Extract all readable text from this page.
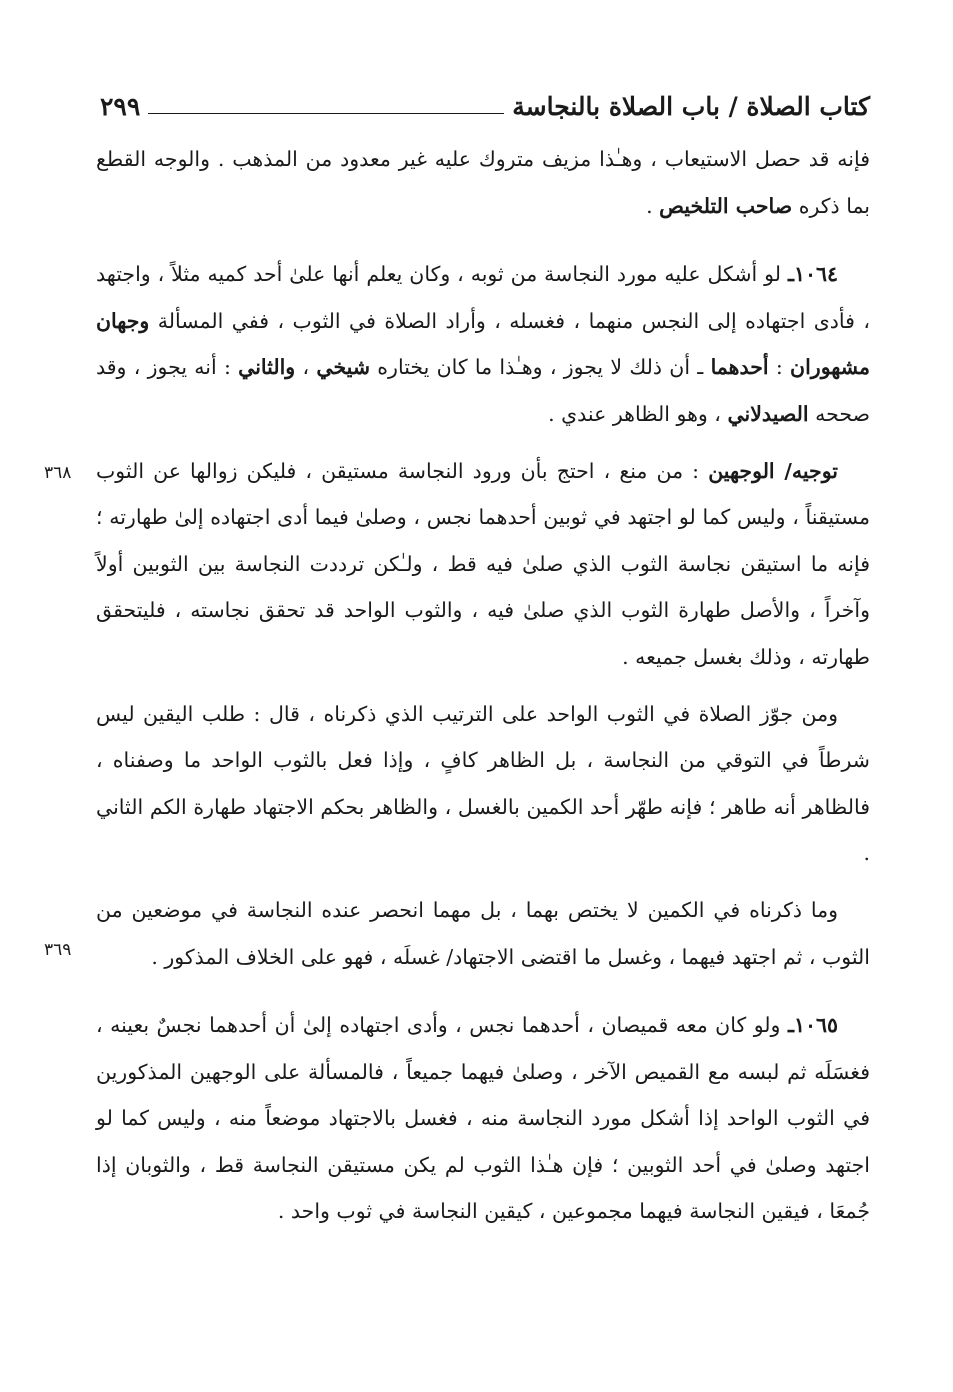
كتاب الصلاة / باب الصلاة بالنجاسة
٢٩٩

فإنه قد حصل الاستيعاب ، وهـٰذا مزيف متروك عليه غير معدود من المذهب . والوجه القطع بما ذكره صاحب التلخيص .

١٠٦٤ـ لو أشكل عليه مورد النجاسة من ثوبه ، وكان يعلم أنها علىٰ أحد كميه مثلاً ، واجتهد ، فأدى اجتهاده إلى النجس منهما ، فغسله ، وأراد الصلاة في الثوب ، ففي المسألة وجهان مشهوران : أحدهما ـ أن ذلك لا يجوز ، وهـٰذا ما كان يختاره شيخي ، والثاني : أنه يجوز ، وقد صححه الصيدلاني ، وهو الظاهر عندي .

توجيه/ الوجهين : من منع ، احتج بأن ورود النجاسة مستيقن ، فليكن زوالها عن الثوب مستيقناً ، وليس كما لو اجتهد في ثوبين أحدهما نجس ، وصلىٰ فيما أدى اجتهاده إلىٰ طهارته ؛ فإنه ما استيقن نجاسة الثوب الذي صلىٰ فيه قط ، ولـٰكن ترددت النجاسة بين الثوبين أولاً وآخراً ، والأصل طهارة الثوب الذي صلىٰ فيه ، والثوب الواحد قد تحقق نجاسته ، فليتحقق طهارته ، وذلك بغسل جميعه .

ومن جوّز الصلاة في الثوب الواحد على الترتيب الذي ذكرناه ، قال : طلب اليقين ليس شرطاً في التوقي من النجاسة ، بل الظاهر كافٍ ، وإذا فعل بالثوب الواحد ما وصفناه ، فالظاهر أنه طاهر ؛ فإنه طهّر أحد الكمين بالغسل ، والظاهر بحكم الاجتهاد طهارة الكم الثاني .

وما ذكرناه في الكمين لا يختص بهما ، بل مهما انحصر عنده النجاسة في موضعين من الثوب ، ثم اجتهد فيهما ، وغسل ما اقتضى الاجتهاد/ غسلَه ، فهو على الخلاف المذكور .

١٠٦٥ـ ولو كان معه قميصان ، أحدهما نجس ، وأدى اجتهاده إلىٰ أن أحدهما نجسٌ بعينه ، فغسَلَه ثم لبسه مع القميص الآخر ، وصلىٰ فيهما جميعاً ، فالمسألة على الوجهين المذكورين في الثوب الواحد إذا أشكل مورد النجاسة منه ، فغسل بالاجتهاد موضعاً منه ، وليس كما لو اجتهد وصلىٰ في أحد الثوبين ؛ فإن هـٰذا الثوب لم يكن مستيقن النجاسة قط ، والثوبان إذا جُمعَا ، فيقين النجاسة فيهما مجموعين ، كيقين النجاسة في ثوب واحد .

٣٦٨
٣٦٩
